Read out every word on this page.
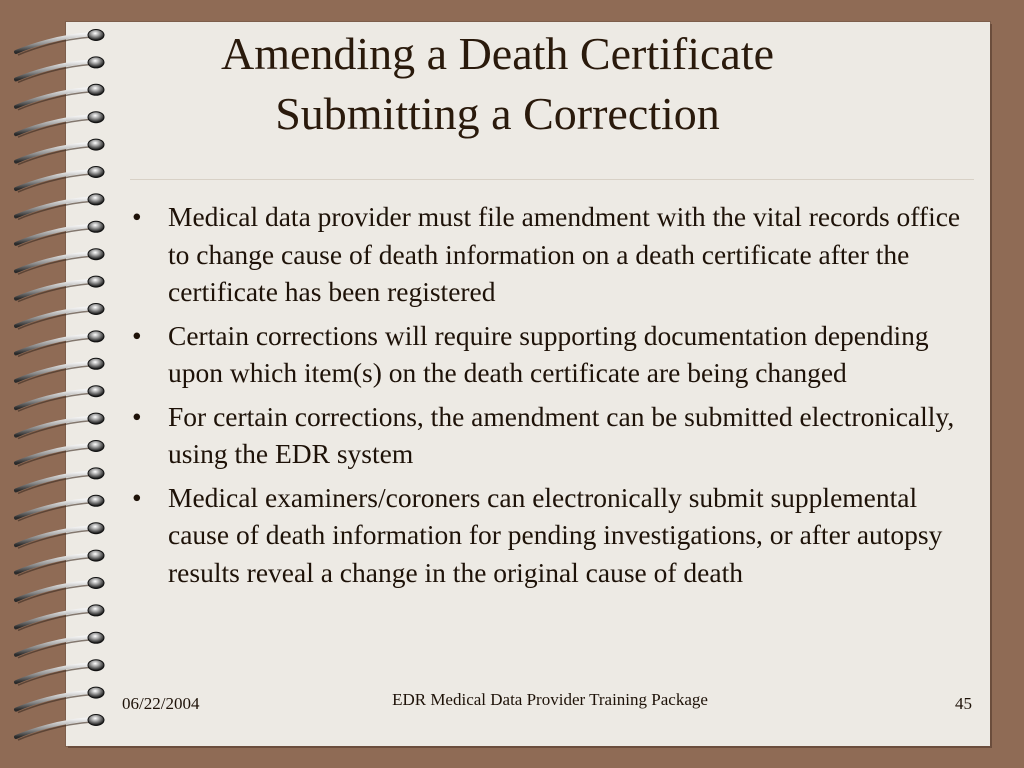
Amending a Death Certificate
Submitting a Correction
• Medical data provider must file amendment with the vital records office to change cause of death information on a death certificate after the certificate has been registered
• Certain corrections will require supporting documentation depending upon which item(s) on the death certificate are being changed
• For certain corrections, the amendment can be submitted electronically, using the EDR system
• Medical examiners/coroners can electronically submit supplemental cause of death information for pending investigations, or after autopsy results reveal a change in the original cause of death
06/22/2004	EDR Medical Data Provider Training Package	45
